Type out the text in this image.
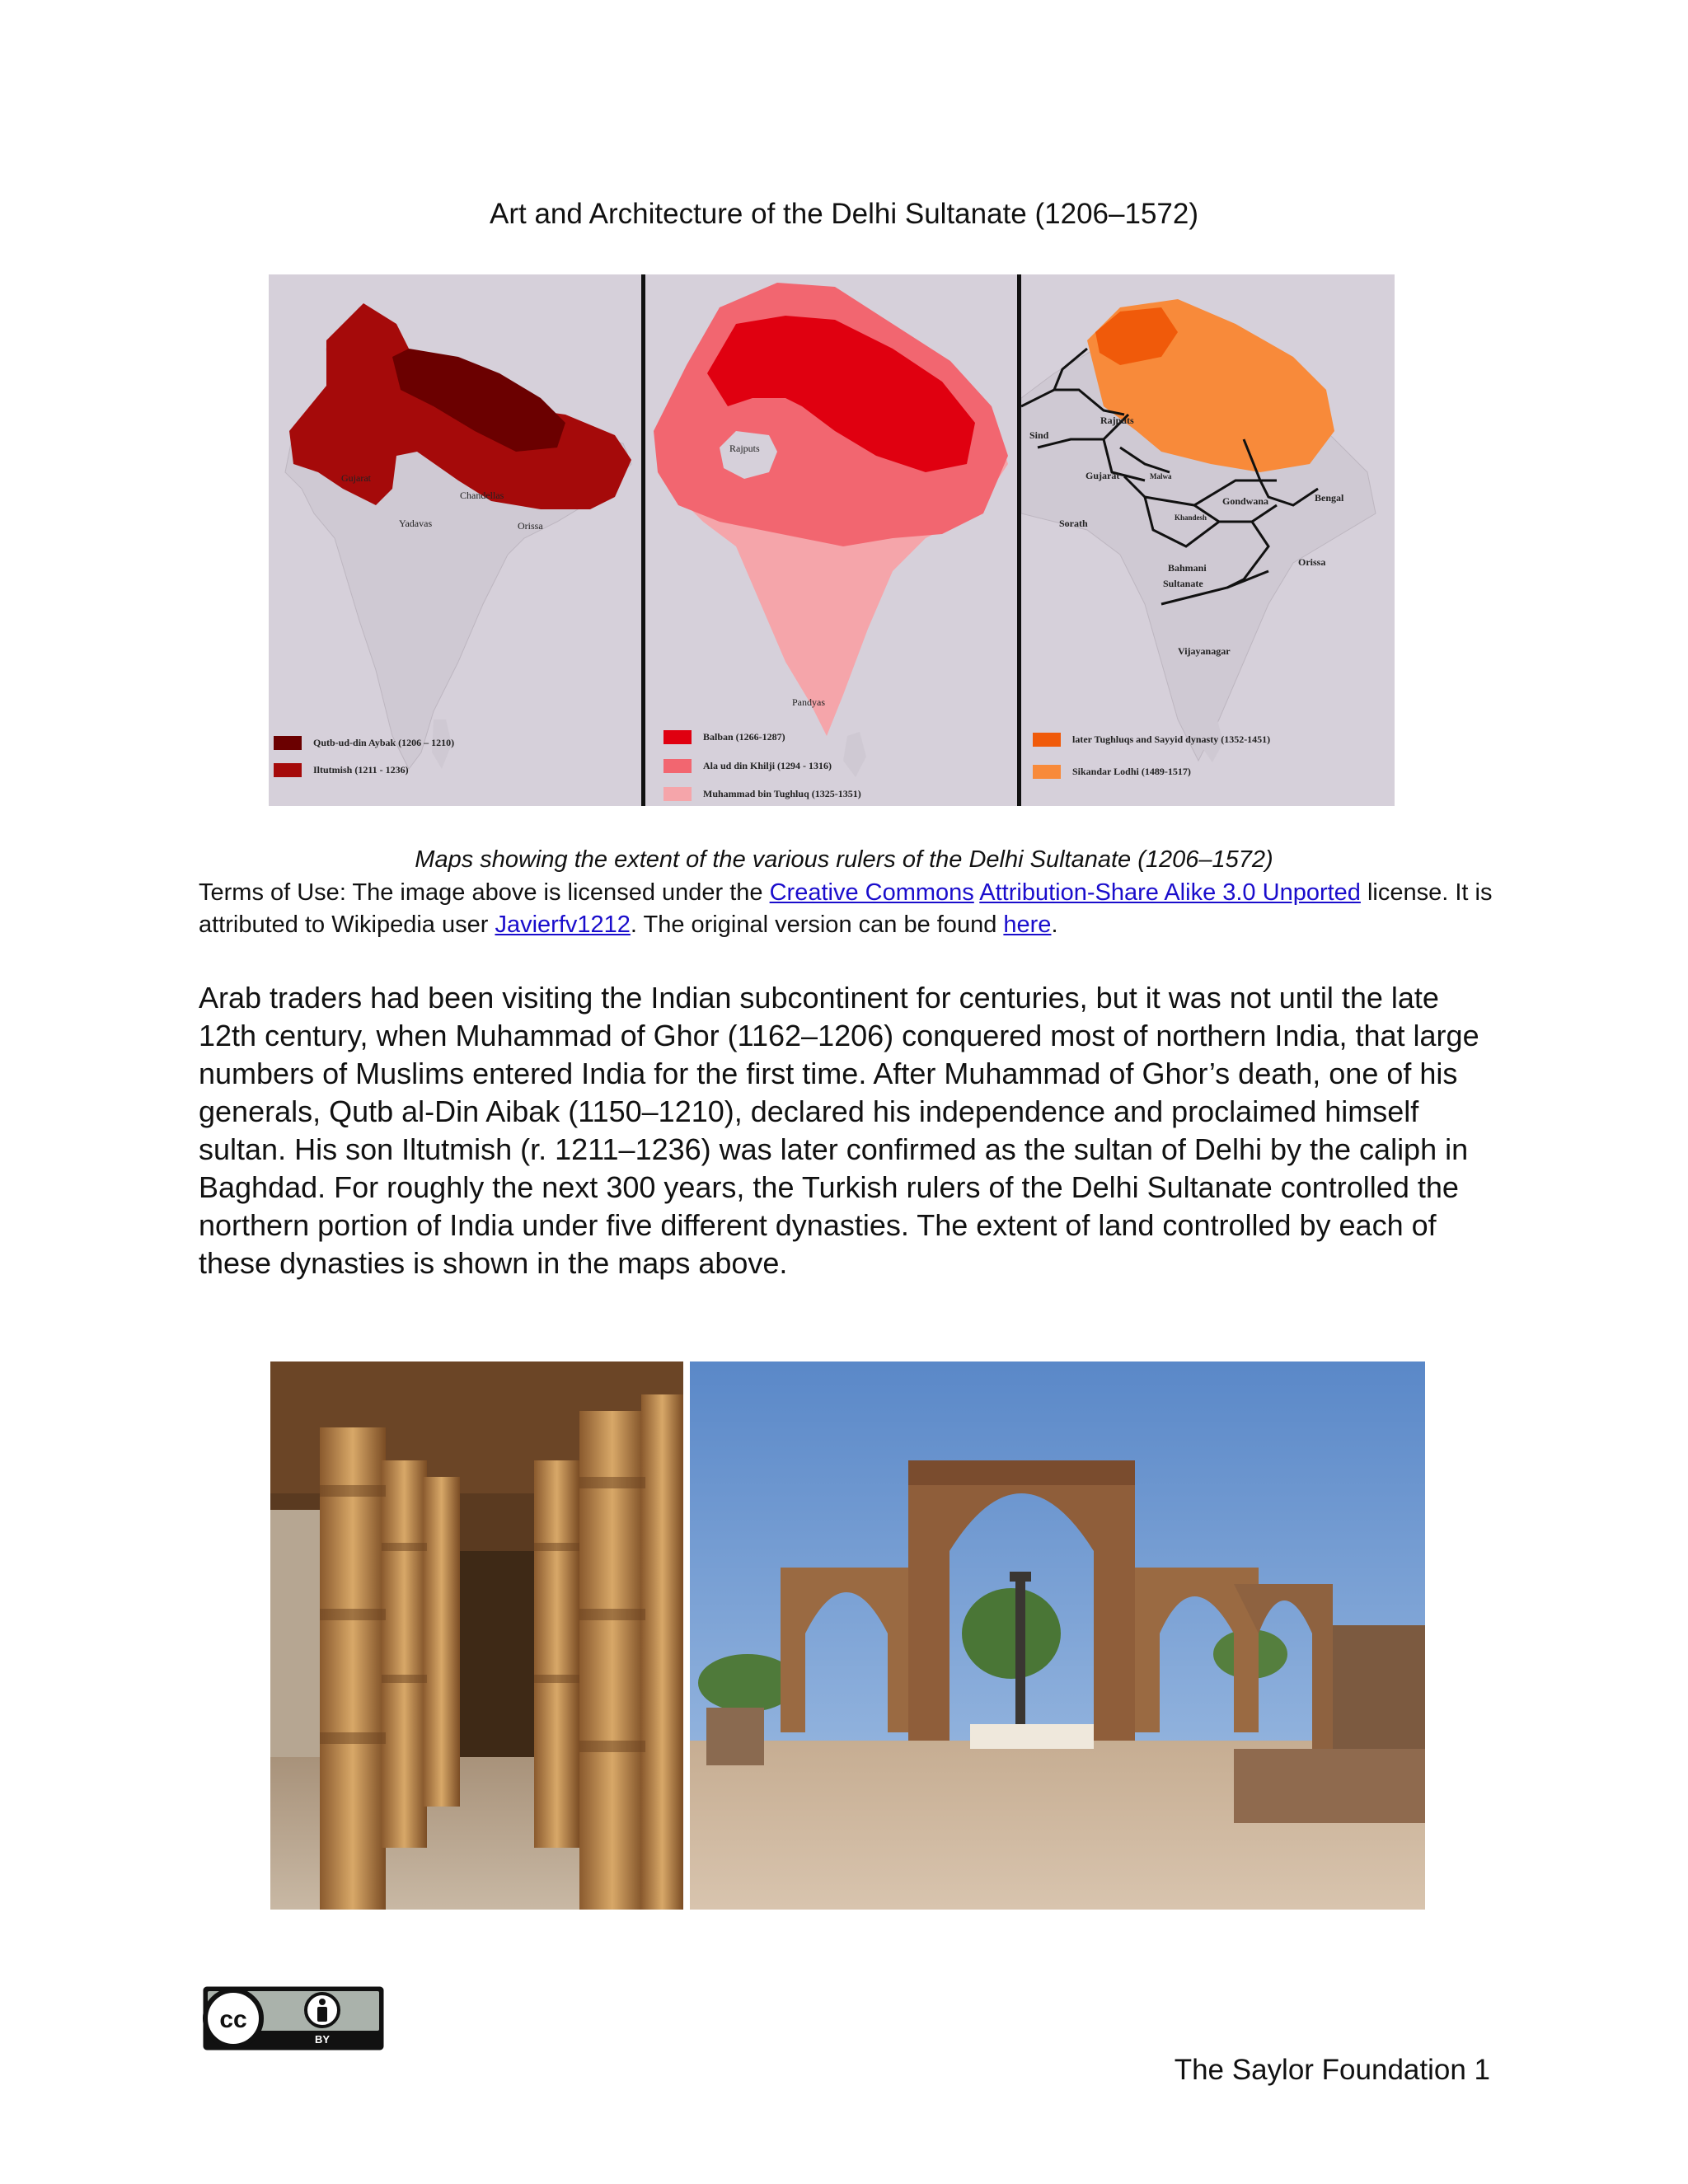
Art and Architecture of the Delhi Sultanate (1206–1572)
Gujarat
Chandellas
Yadavas	Orissa
Qutb-ud-din Aybak (1206 – 1210)
Iltutmish (1211 - 1236)
Rajputs
Pandyas
Balban (1266-1287)
Ala ud din Khilji (1294 - 1316)
Muhammad bin Tughluq (1325-1351)
Sind
Rajputs
Gujarat	Malwa
Gondwana	Bengal
Sorath	Khandesh
Bahmani
Sultanate
Orissa
Vijayanagar
later Tughluqs and Sayyid dynasty (1352-1451)
Sikandar Lodhi (1489-1517)
Maps showing the extent of the various rulers of the Delhi Sultanate (1206–1572)
Terms of Use: The image above is licensed under the Creative Commons Attribution-Share Alike 3.0 Unported license. It is attributed to Wikipedia user Javierfv1212. The original version can be found here.
Arab traders had been visiting the Indian subcontinent for centuries, but it was not until the late 12th century, when Muhammad of Ghor (1162–1206) conquered most of northern India, that large numbers of Muslims entered India for the first time. After Muhammad of Ghor’s death, one of his generals, Qutb al-Din Aibak (1150–1210), declared his independence and proclaimed himself sultan. His son Iltutmish (r. 1211–1236) was later confirmed as the sultan of Delhi by the caliph in Baghdad. For roughly the next 300 years, the Turkish rulers of the Delhi Sultanate controlled the northern portion of India under five different dynasties. The extent of land controlled by each of these dynasties is shown in the maps above.
cc
BY
The Saylor Foundation 1
